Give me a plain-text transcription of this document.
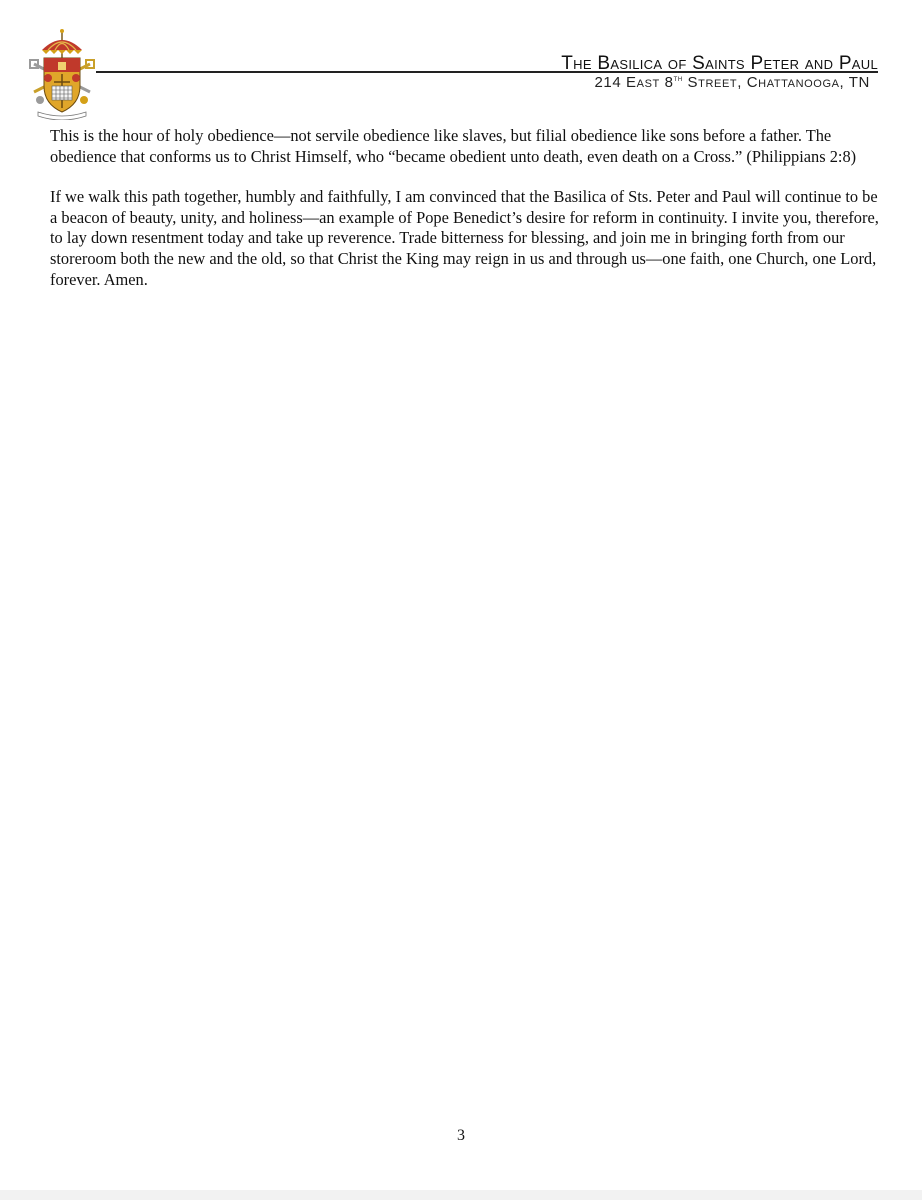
The Basilica of Saints Peter and Paul
214 East 8th Street, Chattanooga, TN

This is the hour of holy obedience—not servile obedience like slaves, but filial obedience like sons before a father. The obedience that conforms us to Christ Himself, who “became obedient unto death, even death on a Cross.” (Philippians 2:8)

If we walk this path together, humbly and faithfully, I am convinced that the Basilica of Sts. Peter and Paul will continue to be a beacon of beauty, unity, and holiness—an example of Pope Benedict’s desire for reform in continuity. I invite you, therefore, to lay down resentment today and take up reverence. Trade bitterness for blessing, and join me in bringing forth from our storeroom both the new and the old, so that Christ the King may reign in us and through us—one faith, one Church, one Lord, forever. Amen.

3
